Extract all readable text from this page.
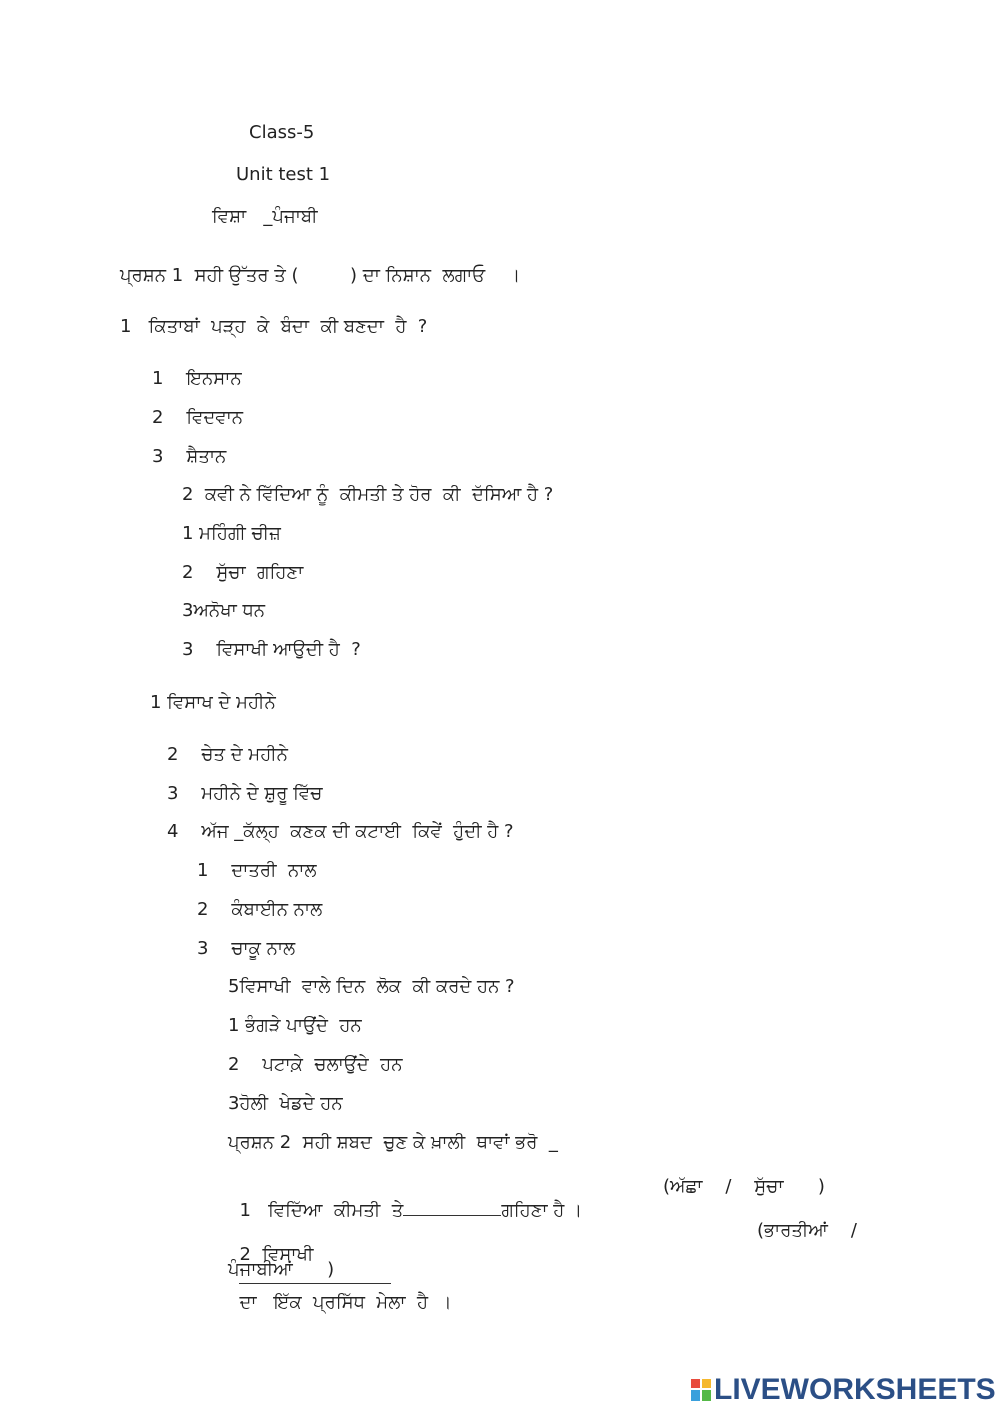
Class-5
Unit test 1
ਵਿਸ਼ਾ   _ਪੰਜਾਬੀ
ਪ੍ਰਸ਼ਨ 1  ਸਹੀ ਉੱਤਰ ਤੇ (         ) ਦਾ ਨਿਸ਼ਾਨ  ਲਗਾਓ    ।
1   ਕਿਤਾਬਾਂ  ਪੜ੍ਹ  ਕੇ  ਬੰਦਾ  ਕੀ ਬਣਦਾ  ਹੈ  ?
1    ਇਨਸਾਨ
2    ਵਿਦਵਾਨ
3    ਸ਼ੈਤਾਨ
2  ਕਵੀ ਨੇ ਵਿੱਦਿਆ ਨੂੰ  ਕੀਮਤੀ ਤੇ ਹੋਰ  ਕੀ  ਦੱਸਿਆ ਹੈ ?
1 ਮਹਿੰਗੀ ਚੀਜ਼
2    ਸੁੱਚਾ  ਗਹਿਣਾ
3ਅਨੋਖਾ ਧਨ
3    ਵਿਸਾਖੀ ਆਉਦੀ ਹੈ  ?
1 ਵਿਸਾਖ ਦੇ ਮਹੀਨੇ
2    ਚੇਤ ਦੇ ਮਹੀਨੇ
3    ਮਹੀਨੇ ਦੇ ਸ਼ੁਰੂ ਵਿੱਚ
4    ਅੱਜ _ਕੱਲ੍ਹ  ਕਣਕ ਦੀ ਕਟਾਈ  ਕਿਵੇਂ  ਹੁੰਦੀ ਹੈ ?
1    ਦਾਤਰੀ  ਨਾਲ
2    ਕੰਬਾਈਨ ਨਾਲ
3    ਚਾਕੂ ਨਾਲ
5ਵਿਸਾਖੀ  ਵਾਲੇ ਦਿਨ  ਲੋਕ  ਕੀ ਕਰਦੇ ਹਨ ?
1 ਭੰਗੜੇ ਪਾਉਂਦੇ  ਹਨ
2    ਪਟਾਕ਼ੇ  ਚਲਾਉਂਦੇ  ਹਨ
3ਹੋਲੀ  ਖੇਡਦੇ ਹਨ
ਪ੍ਰਸ਼ਨ 2  ਸਹੀ ਸ਼ਬਦ  ਚੁਣ ਕੇ ਖ਼ਾਲੀ  ਥਾਵਾਂ ਭਰੋ  _

1   ਵਿਦਿੱਆ  ਕੀਮਤੀ  ਤੇ	ਗਹਿਣਾ ਹੈ ।

(ਅੱਛਾ    /    ਸੁੱਚਾ      )

2  ਵਿਸਾਖੀ

ਦਾ   ਇੱਕ  ਪ੍ਰਸਿੱਧ  ਮੇਲਾ  ਹੈ  ।

(ਭਾਰਤੀਆਂ    /
ਪੰਜਾਬੀਆਂ      )
LIVEWORKSHEETS
